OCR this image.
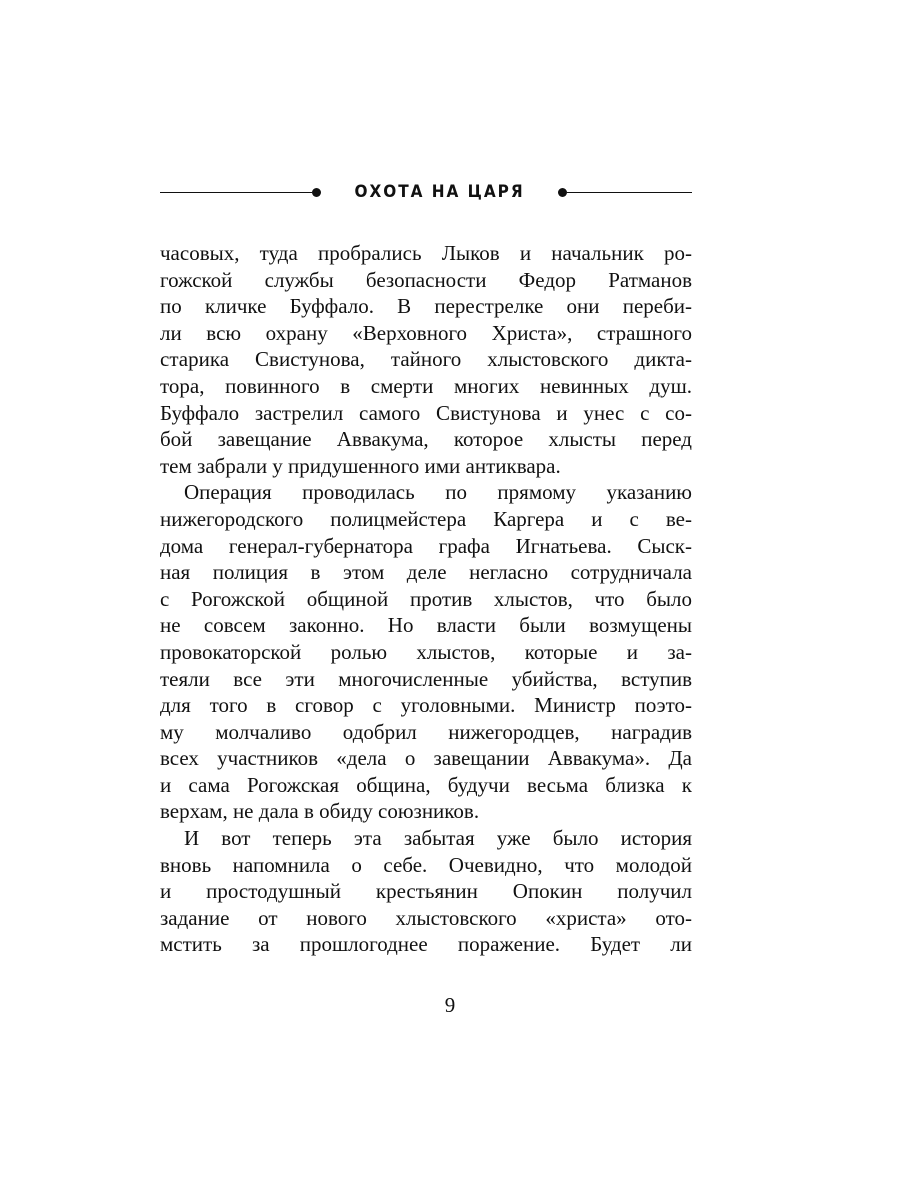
ОХОТА НА ЦАРЯ
часовых, туда пробрались Лыков и начальник ро-
гожской службы безопасности Федор Ратманов
по кличке Буффало. В перестрелке они переби-
ли всю охрану «Верховного Христа», страшного
старика Свистунова, тайного хлыстовского дикта-
тора, повинного в смерти многих невинных душ.
Буффало застрелил самого Свистунова и унес с со-
бой завещание Аввакума, которое хлысты перед
тем забрали у придушенного ими антиквара.
Операция проводилась по прямому указанию
нижегородского полицмейстера Каргера и с ве-
дома генерал-губернатора графа Игнатьева. Сыск-
ная полиция в этом деле негласно сотрудничала
с Рогожской общиной против хлыстов, что было
не совсем законно. Но власти были возмущены
провокаторской ролью хлыстов, которые и за-
теяли все эти многочисленные убийства, вступив
для того в сговор с уголовными. Министр поэто-
му молчаливо одобрил нижегородцев, наградив
всех участников «дела о завещании Аввакума». Да
и сама Рогожская община, будучи весьма близка к
верхам, не дала в обиду союзников.
И вот теперь эта забытая уже было история
вновь напомнила о себе. Очевидно, что молодой
и простодушный крестьянин Опокин получил
задание от нового хлыстовского «христа» ото-
мстить за прошлогоднее поражение. Будет ли
9
